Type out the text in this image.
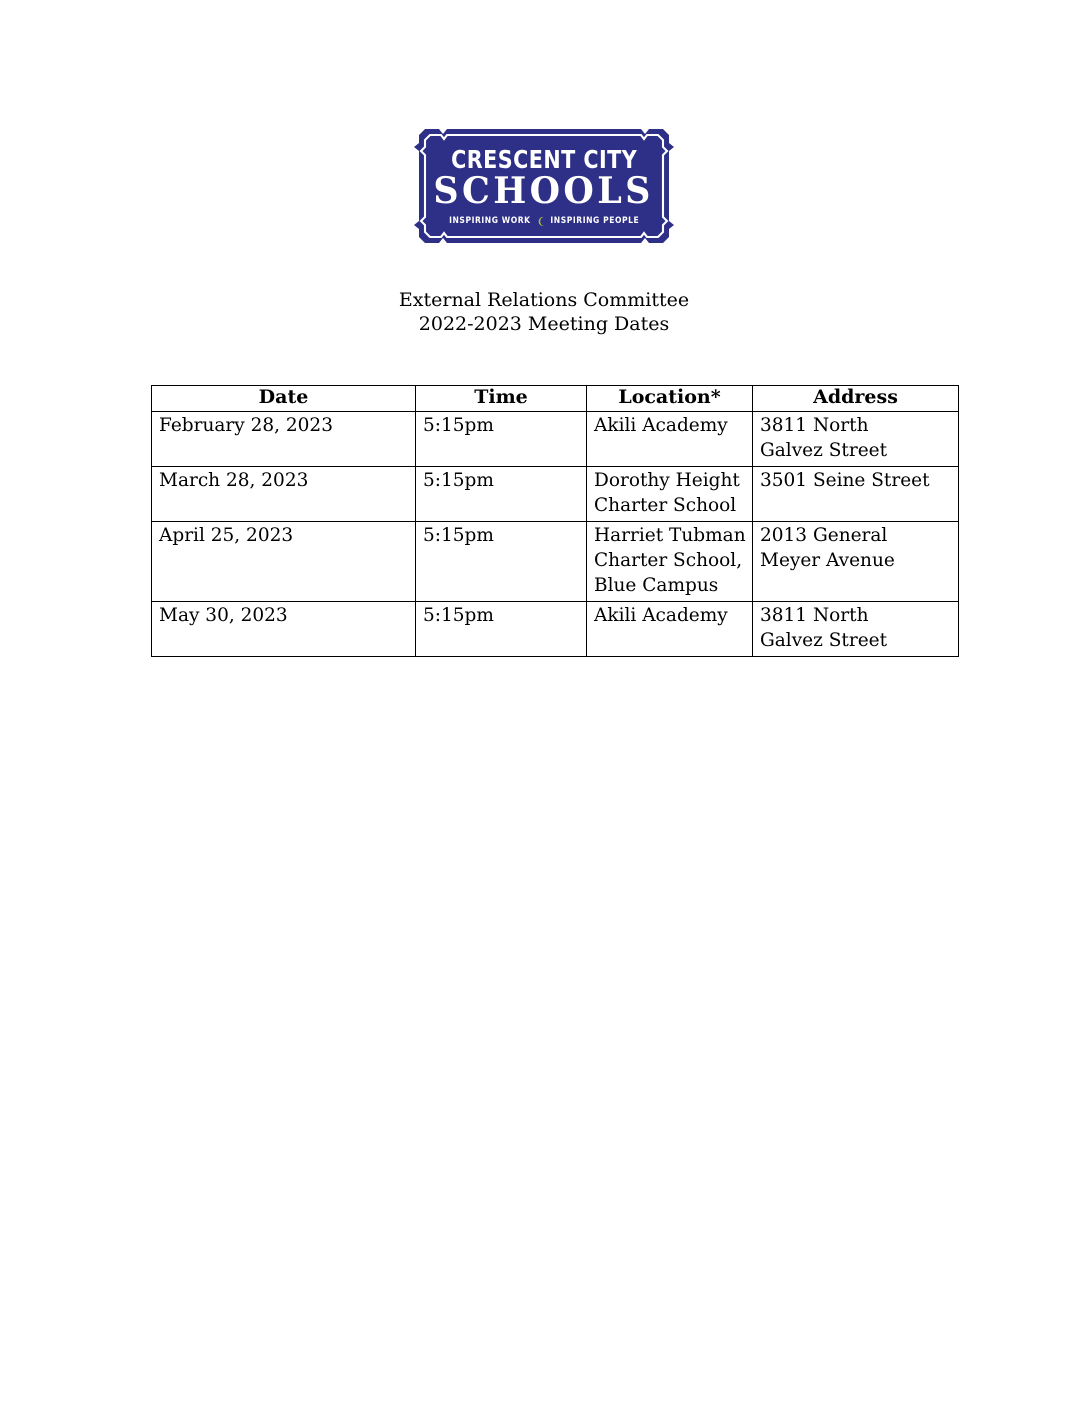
CRESCENT CITY
SCHOOLS
INSPIRING WORK INSPIRING PEOPLE
External Relations Committee
2022-2023 Meeting Dates
Date	Time	Location*	Address
February 28, 2023	5:15pm	Akili Academy	3811 North
Galvez Street

March 28, 2023	5:15pm	Dorothy Height
Charter School	3501 Seine Street

April 25, 2023	5:15pm	Harriet Tubman
Charter School,
Blue Campus	2013 General
Meyer Avenue

May 30, 2023	5:15pm	Akili Academy	3811 North
Galvez Street
